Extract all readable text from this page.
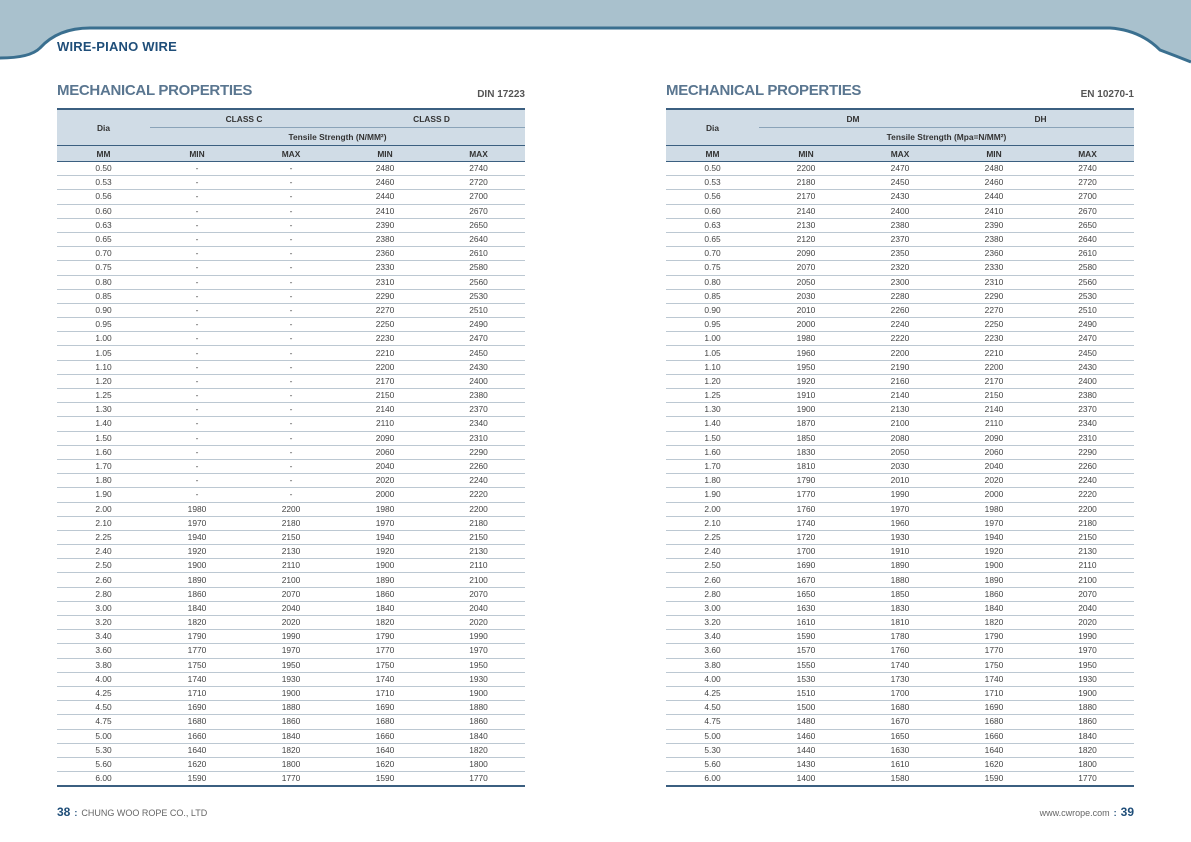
WIRE-PIANO WIRE
MECHANICAL PROPERTIES	DIN 17223
Dia	CLASS C		CLASS D	
	Tensile Strength (N/MM²)			
MM	MIN	MAX	MIN	MAX
0.50	-	-	2480	2740
0.53	-	-	2460	2720
0.56	-	-	2440	2700
0.60	-	-	2410	2670
0.63	-	-	2390	2650
0.65	-	-	2380	2640
0.70	-	-	2360	2610
0.75	-	-	2330	2580
0.80	-	-	2310	2560
0.85	-	-	2290	2530
0.90	-	-	2270	2510
0.95	-	-	2250	2490
1.00	-	-	2230	2470
1.05	-	-	2210	2450
1.10	-	-	2200	2430
1.20	-	-	2170	2400
1.25	-	-	2150	2380
1.30	-	-	2140	2370
1.40	-	-	2110	2340
1.50	-	-	2090	2310
1.60	-	-	2060	2290
1.70	-	-	2040	2260
1.80	-	-	2020	2240
1.90	-	-	2000	2220
2.00	1980	2200	1980	2200
2.10	1970	2180	1970	2180
2.25	1940	2150	1940	2150
2.40	1920	2130	1920	2130
2.50	1900	2110	1900	2110
2.60	1890	2100	1890	2100
2.80	1860	2070	1860	2070
3.00	1840	2040	1840	2040
3.20	1820	2020	1820	2020
3.40	1790	1990	1790	1990
3.60	1770	1970	1770	1970
3.80	1750	1950	1750	1950
4.00	1740	1930	1740	1930
4.25	1710	1900	1710	1900
4.50	1690	1880	1690	1880
4.75	1680	1860	1680	1860
5.00	1660	1840	1660	1840
5.30	1640	1820	1640	1820
5.60	1620	1800	1620	1800
6.00	1590	1770	1590	1770
MECHANICAL PROPERTIES	EN 10270-1
Dia	DM		DH	
	Tensile Strength (Mpa=N/MM²)			
MM	MIN	MAX	MIN	MAX
0.50	2200	2470	2480	2740
0.53	2180	2450	2460	2720
0.56	2170	2430	2440	2700
0.60	2140	2400	2410	2670
0.63	2130	2380	2390	2650
0.65	2120	2370	2380	2640
0.70	2090	2350	2360	2610
0.75	2070	2320	2330	2580
0.80	2050	2300	2310	2560
0.85	2030	2280	2290	2530
0.90	2010	2260	2270	2510
0.95	2000	2240	2250	2490
1.00	1980	2220	2230	2470
1.05	1960	2200	2210	2450
1.10	1950	2190	2200	2430
1.20	1920	2160	2170	2400
1.25	1910	2140	2150	2380
1.30	1900	2130	2140	2370
1.40	1870	2100	2110	2340
1.50	1850	2080	2090	2310
1.60	1830	2050	2060	2290
1.70	1810	2030	2040	2260
1.80	1790	2010	2020	2240
1.90	1770	1990	2000	2220
2.00	1760	1970	1980	2200
2.10	1740	1960	1970	2180
2.25	1720	1930	1940	2150
2.40	1700	1910	1920	2130
2.50	1690	1890	1900	2110
2.60	1670	1880	1890	2100
2.80	1650	1850	1860	2070
3.00	1630	1830	1840	2040
3.20	1610	1810	1820	2020
3.40	1590	1780	1790	1990
3.60	1570	1760	1770	1970
3.80	1550	1740	1750	1950
4.00	1530	1730	1740	1930
4.25	1510	1700	1710	1900
4.50	1500	1680	1690	1880
4.75	1480	1670	1680	1860
5.00	1460	1650	1660	1840
5.30	1440	1630	1640	1820
5.60	1430	1610	1620	1800
6.00	1400	1580	1590	1770
38 : CHUNG WOO ROPE CO., LTD	www.cwrope.com : 39
